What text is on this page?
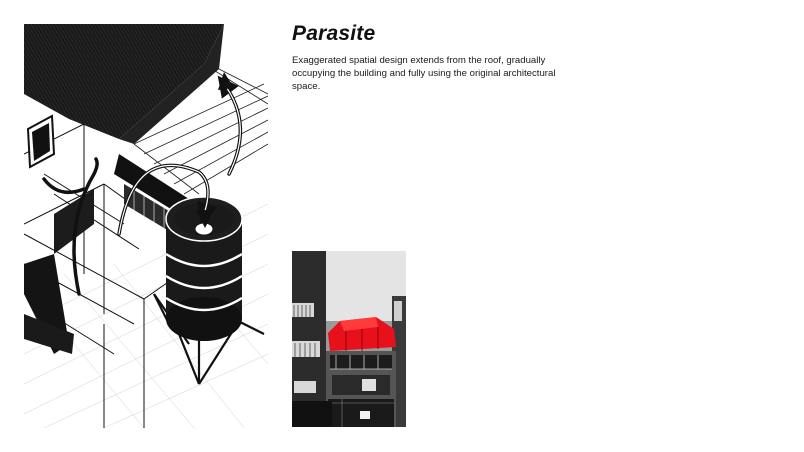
Parasite

Exaggerated spatial design extends from the roof, gradually occupying the building and fully using the original architectural space.
